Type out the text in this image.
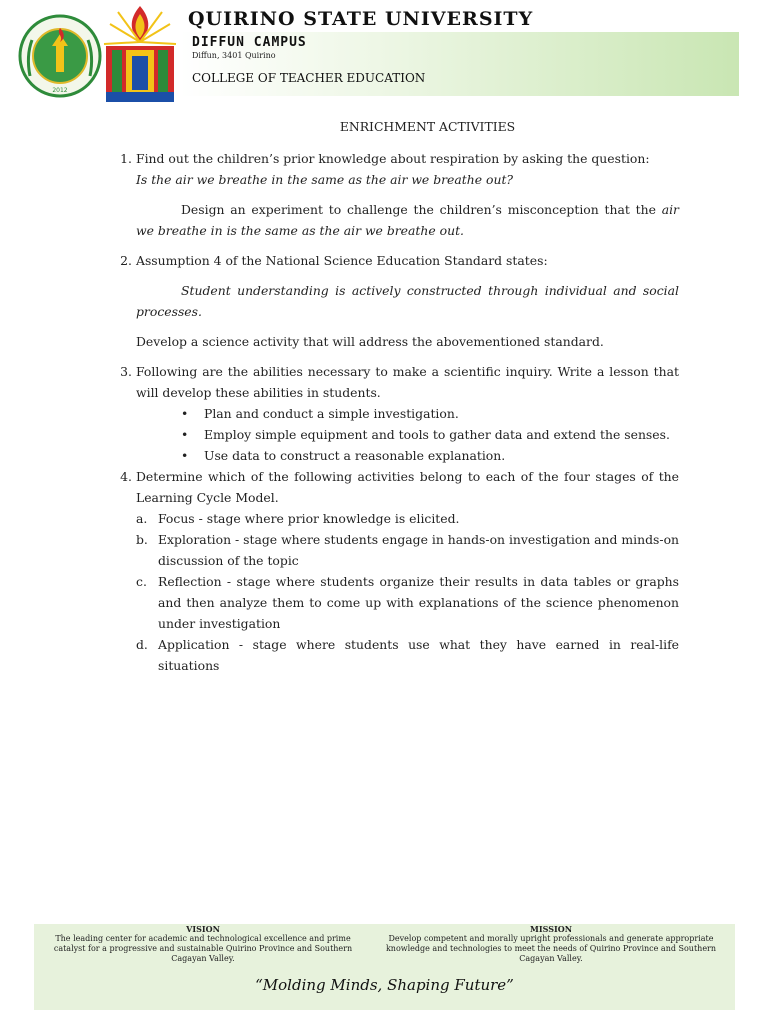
2012
QUIRINO STATE UNIVERSITY
DIFFUN CAMPUS
Diffun, 3401 Quirino
COLLEGE OF TEACHER EDUCATION
ENRICHMENT ACTIVITIES
1. Find out the children’s prior knowledge about respiration by asking the question:

Is the air we breathe in the same as the air we breathe out?

Design an experiment to challenge the children’s misconception that the air we breathe in is the same as the air we breathe out.

2. Assumption 4 of the National Science Education Standard states:

Student understanding is actively constructed through individual and social processes.

Develop a science activity that will address the abovementioned standard.

3. Following are the abilities necessary to make a scientific inquiry. Write a lesson that will develop these abilities in students.

• Plan and conduct a simple investigation.
• Employ simple equipment and tools to gather data and extend the senses.
• Use data to construct a reasonable explanation.
4. Determine which of the following activities belong to each of the four stages of the Learning Cycle Model.

a. Focus - stage where prior knowledge is elicited.
b. Exploration - stage where students engage in hands-on investigation and minds-on discussion of the topic
c. Reflection - stage where students organize their results in data tables or graphs and then analyze them to come up with explanations of the science phenomenon under investigation
d. Application - stage where students use what they have earned in real-life situations
VISION
The leading center for academic and technological excellence and prime catalyst for a progressive and sustainable Quirino Province and Southern Cagayan Valley.
MISSION
Develop competent and morally upright professionals and generate appropriate knowledge and technologies to meet the needs of Quirino Province and Southern Cagayan Valley.
“Molding Minds, Shaping Future”
